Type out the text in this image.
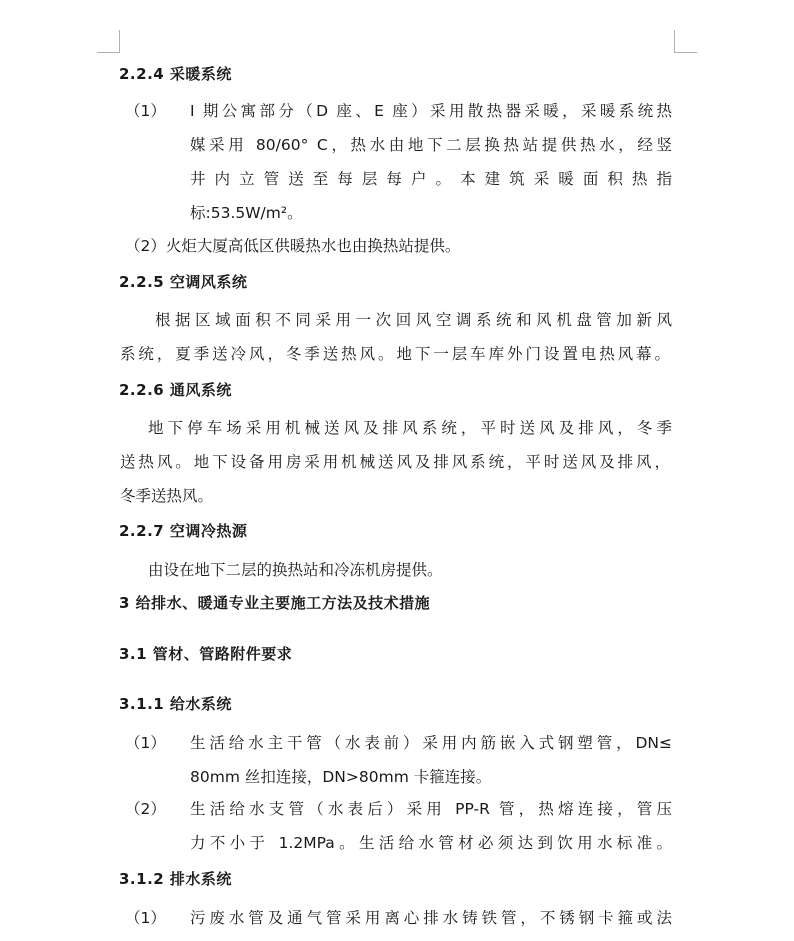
2.2.4 采暖系统
（1） I 期公寓部分（D 座、E 座）采用散热器采暖，采暖系统热
媒采用 80/60° C，热水由地下二层换热站提供热水，经竖
井 内 立 管 送 至 每 层 每 户 。 本 建 筑 采 暖 面 积 热 指
标:53.5W/m²。
（2）火炬大厦高低区供暖热水也由换热站提供。
2.2.5 空调风系统
根据区域面积不同采用一次回风空调系统和风机盘管加新风
系统，夏季送冷风，冬季送热风。地下一层车库外门设置电热风幕。
2.2.6 通风系统
地下停车场采用机械送风及排风系统，平时送风及排风，冬季
送热风。地下设备用房采用机械送风及排风系统，平时送风及排风，
冬季送热风。
2.2.7 空调冷热源
由设在地下二层的换热站和冷冻机房提供。
3 给排水、暖通专业主要施工方法及技术措施
3.1 管材、管路附件要求
3.1.1 给水系统
（1） 生活给水主干管（水表前）采用内筋嵌入式钢塑管，DN≤
80mm 丝扣连接，DN>80mm 卡箍连接。
（2） 生活给水支管（水表后）采用 PP-R 管，热熔连接，管压
力不小于 1.2MPa。生活给水管材必须达到饮用水标准。
3.1.2 排水系统
（1） 污废水管及通气管采用离心排水铸铁管，不锈钢卡箍或法
